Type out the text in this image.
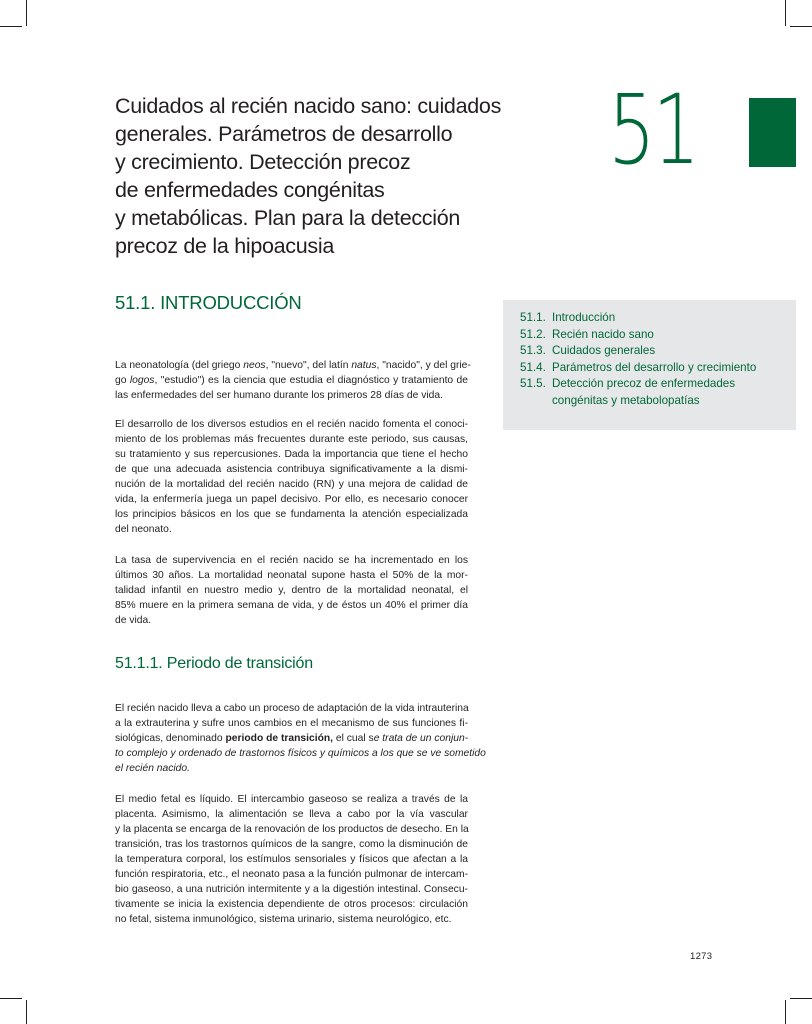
Cuidados al recién nacido sano: cuidados
generales. Parámetros de desarrollo
y crecimiento. Detección precoz
de enfermedades congénitas
y metabólicas. Plan para la detección
precoz de la hipoacusia
51
51.1. INTRODUCCIÓN
51.1. Introducción
51.2. Recién nacido sano
51.3. Cuidados generales
51.4. Parámetros del desarrollo y crecimiento
51.5. Detección precoz de enfermedades congénitas y metabolopatías

La neonatología (del griego neos, "nuevo", del latín natus, "nacido", y del grie-
go logos, "estudio") es la ciencia que estudia el diagnóstico y tratamiento de
las enfermedades del ser humano durante los primeros 28 días de vida.

El desarrollo de los diversos estudios en el recién nacido fomenta el conoci-
miento de los problemas más frecuentes durante este periodo, sus causas,
su tratamiento y sus repercusiones. Dada la importancia que tiene el hecho
de que una adecuada asistencia contribuya significativamente a la dismi-
nución de la mortalidad del recién nacido (RN) y una mejora de calidad de
vida, la enfermería juega un papel decisivo. Por ello, es necesario conocer
los principios básicos en los que se fundamenta la atención especializada
del neonato.

La tasa de supervivencia en el recién nacido se ha incrementado en los
últimos 30 años. La mortalidad neonatal supone hasta el 50% de la mor-
talidad infantil en nuestro medio y, dentro de la mortalidad neonatal, el
85% muere en la primera semana de vida, y de éstos un 40% el primer día
de vida.

51.1.1. Periodo de transición

El recién nacido lleva a cabo un proceso de adaptación de la vida intrauterina
a la extrauterina y sufre unos cambios en el mecanismo de sus funciones fi-
siológicas, denominado periodo de transición, el cual se trata de un conjun-
to complejo y ordenado de trastornos físicos y químicos a los que se ve sometido
el recién nacido.

El medio fetal es líquido. El intercambio gaseoso se realiza a través de la
placenta. Asimismo, la alimentación se lleva a cabo por la vía vascular
y la placenta se encarga de la renovación de los productos de desecho. En la
transición, tras los trastornos químicos de la sangre, como la disminución de
la temperatura corporal, los estímulos sensoriales y físicos que afectan a la
función respiratoria, etc., el neonato pasa a la función pulmonar de intercam-
bio gaseoso, a una nutrición intermitente y a la digestión intestinal. Consecu-
tivamente se inicia la existencia dependiente de otros procesos: circulación
no fetal, sistema inmunológico, sistema urinario, sistema neurológico, etc.

1273
